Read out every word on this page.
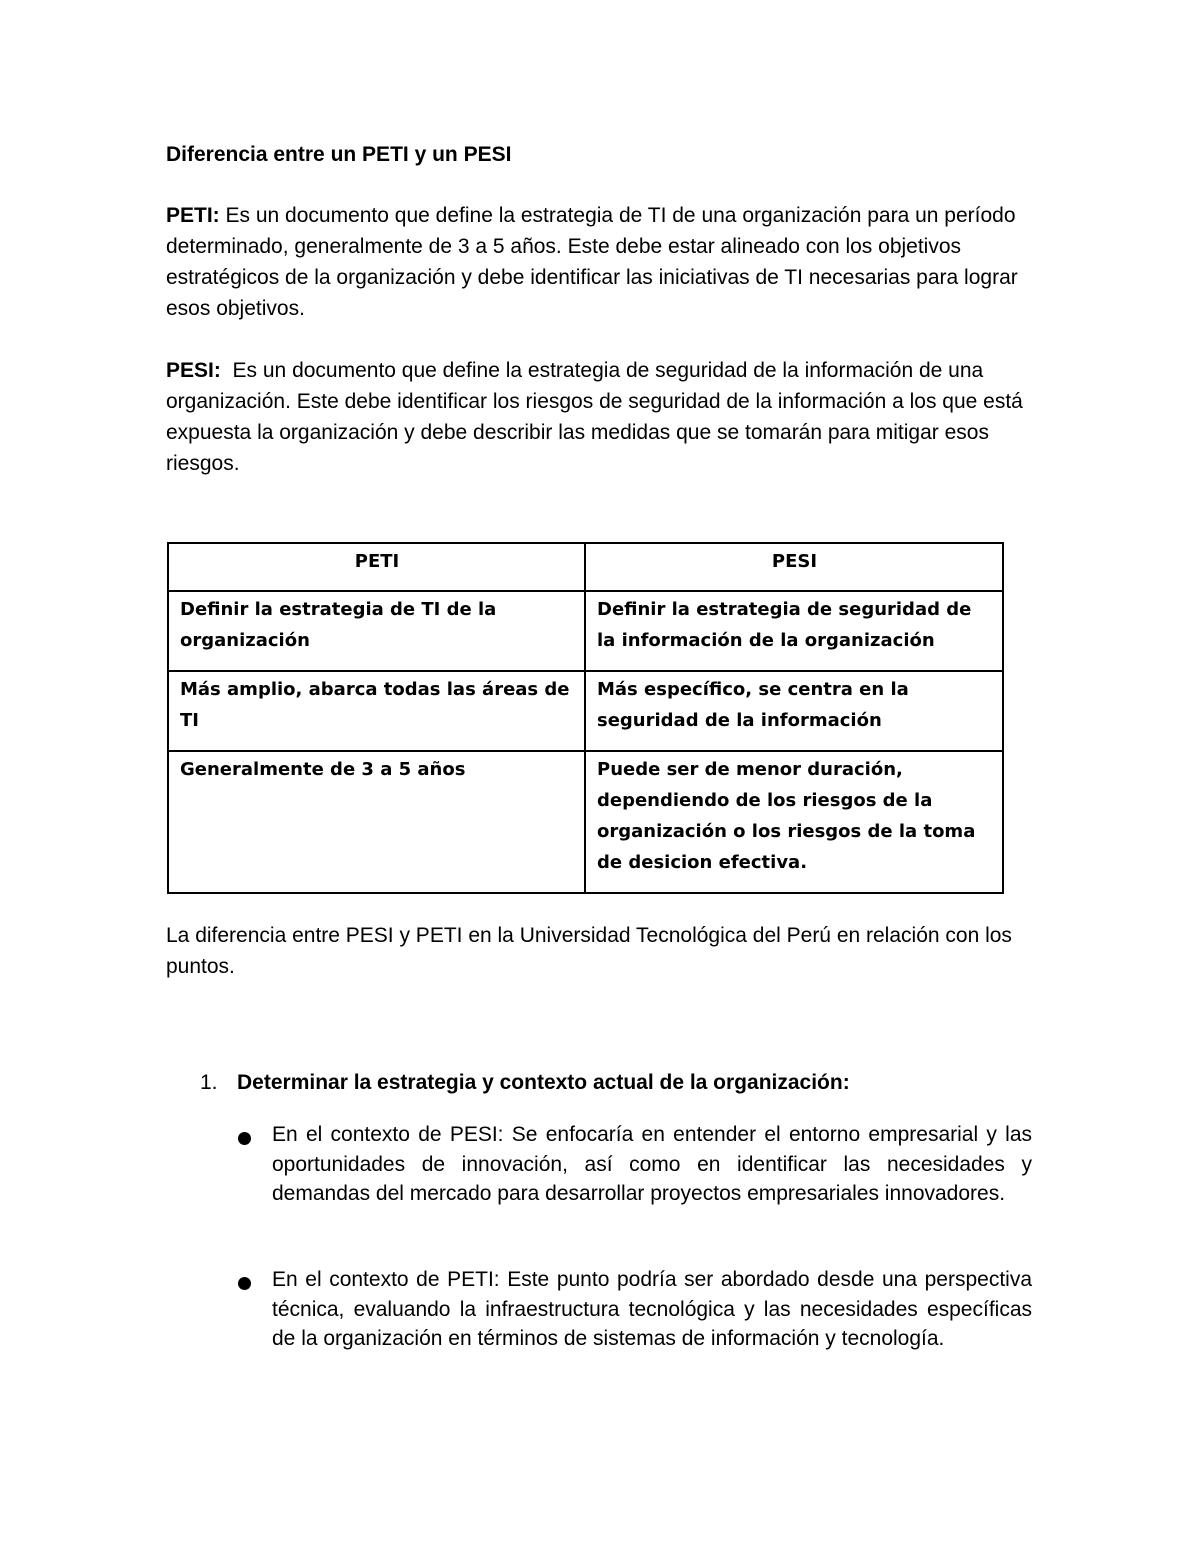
Diferencia entre un PETI y un PESI

PETI: Es un documento que define la estrategia de TI de una organización para un período determinado, generalmente de 3 a 5 años. Este debe estar alineado con los objetivos estratégicos de la organización y debe identificar las iniciativas de TI necesarias para lograr esos objetivos.

PESI:  Es un documento que define la estrategia de seguridad de la información de una organización. Este debe identificar los riesgos de seguridad de la información a los que está expuesta la organización y debe describir las medidas que se tomarán para mitigar esos riesgos.

PETI	PESI
Definir la estrategia de TI de la organización	Definir la estrategia de seguridad de la información de la organización
Más amplio, abarca todas las áreas de TI	Más específico, se centra en la seguridad de la información
Generalmente de 3 a 5 años	Puede ser de menor duración, dependiendo de los riesgos de la organización o los riesgos de la toma de desicion efectiva.

La diferencia entre PESI y PETI en la Universidad Tecnológica del Perú en relación con los puntos.

1. Determinar la estrategia y contexto actual de la organización:
En el contexto de PESI: Se enfocaría en entender el entorno empresarial y las oportunidades de innovación, así como en identificar las necesidades y demandas del mercado para desarrollar proyectos empresariales innovadores.
En el contexto de PETI: Este punto podría ser abordado desde una perspectiva técnica, evaluando la infraestructura tecnológica y las necesidades específicas de la organización en términos de sistemas de información y tecnología.
